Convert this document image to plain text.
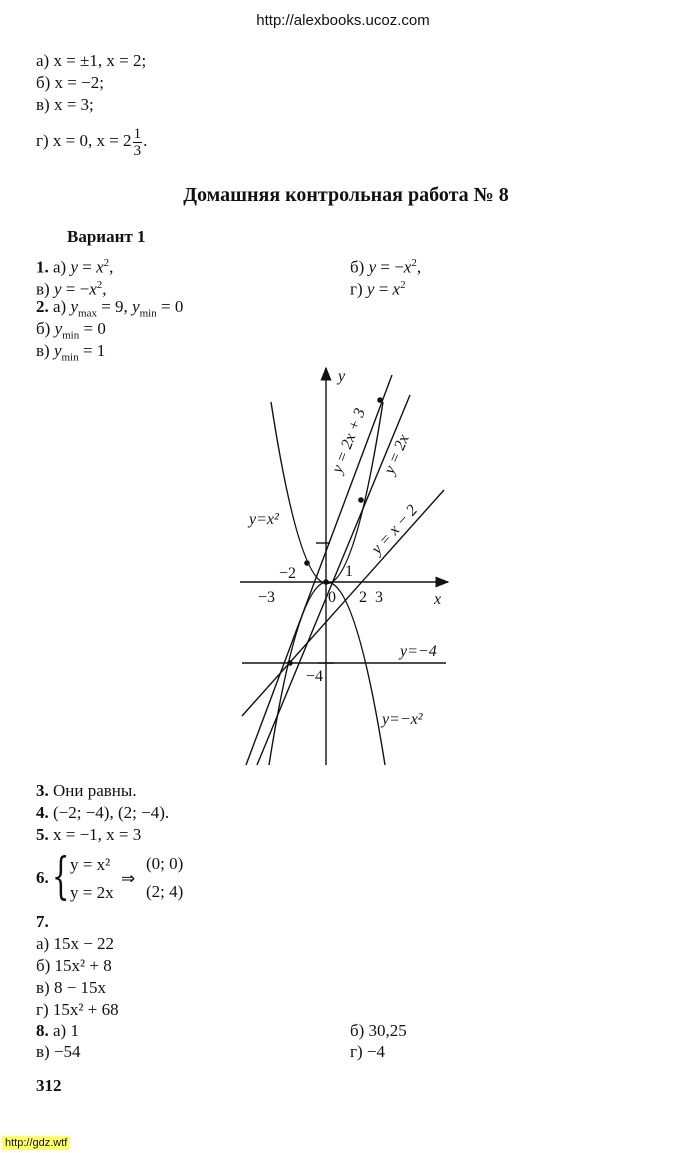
http://alexbooks.ucoz.com
а) x = ±1, x = 2;
б) x = −2;
в) x = 3;
г) x = 0, $x = 2 \frac{1}{3}$ .
Домашняя контрольная работа № 8
Вариант 1
1. а) $y = x^2$,	б) $y = -x^2$,
в) $y = -x^2$,	г) $y = x^2$
2. а) $y_{max} = 9$, $y_{min} = 0$
б) $y_{min} = 0$
в) $y_{min} = 1$
x
y
−3	0 2 3
1
−2
−4
y=x²
y=−x²
y=−4
y = 2x + 3 y = 2x
y = x − 2
3. Они равны.
4. (−2; −4), (2; −4).
5. x = −1, x = 3
6. { y = x²
y = 2x
⇒
(0; 0)
(2; 4)
7.
а) 15x − 22
б) 15x² + 8
в) 8 − 15x
г) 15x² + 68
8. а) 1	б) 30,25
в) −54	г) −4
312
http://gdz.wtf
